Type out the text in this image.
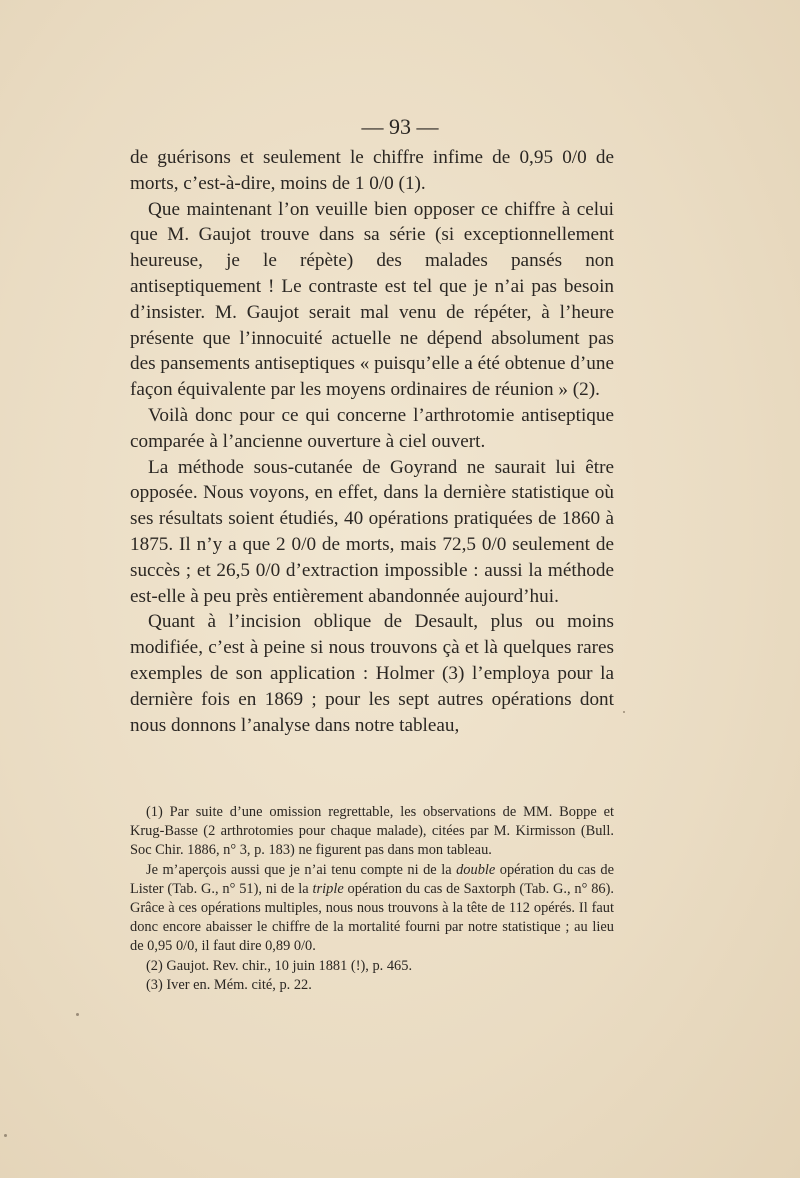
— 93 —

de guérisons et seulement le chiffre infime de 0,95 0/0 de morts, c’est-à-dire, moins de 1 0/0 (1).

Que maintenant l’on veuille bien opposer ce chiffre à celui que M. Gaujot trouve dans sa série (si exceptionnellement heureuse, je le répète) des malades pansés non antiseptiquement ! Le contraste est tel que je n’ai pas besoin d’insister. M. Gaujot serait mal venu de répéter, à l’heure présente que l’innocuité actuelle ne dépend absolument pas des pansements antiseptiques « puisqu’elle a été obtenue d’une façon équivalente par les moyens ordinaires de réunion » (2).

Voilà donc pour ce qui concerne l’arthrotomie antiseptique comparée à l’ancienne ouverture à ciel ouvert.

La méthode sous-cutanée de Goyrand ne saurait lui être opposée. Nous voyons, en effet, dans la dernière statistique où ses résultats soient étudiés, 40 opérations pratiquées de 1860 à 1875. Il n’y a que 2 0/0 de morts, mais 72,5 0/0 seulement de succès ; et 26,5 0/0 d’extraction impossible : aussi la méthode est-elle à peu près entièrement abandonnée aujourd’hui.

Quant à l’incision oblique de Desault, plus ou moins modifiée, c’est à peine si nous trouvons çà et là quelques rares exemples de son application : Holmer (3) l’employa pour la dernière fois en 1869 ; pour les sept autres opérations dont nous donnons l’analyse dans notre tableau,

(1) Par suite d’une omission regrettable, les observations de MM. Boppe et Krug-Basse (2 arthrotomies pour chaque malade), citées par M. Kirmisson (Bull. Soc Chir. 1886, n° 3, p. 183) ne figurent pas dans mon tableau.

Je m’aperçois aussi que je n’ai tenu compte ni de la double opération du cas de Lister (Tab. G., n° 51), ni de la triple opération du cas de Saxtorph (Tab. G., n° 86). Grâce à ces opérations multiples, nous nous trouvons à la tête de 112 opérés. Il faut donc encore abaisser le chiffre de la mortalité fourni par notre statistique ; au lieu de 0,95 0/0, il faut dire 0,89 0/0.

(2) Gaujot. Rev. chir., 10 juin 1881 (!), p. 465.

(3) Iver en. Mém. cité, p. 22.
